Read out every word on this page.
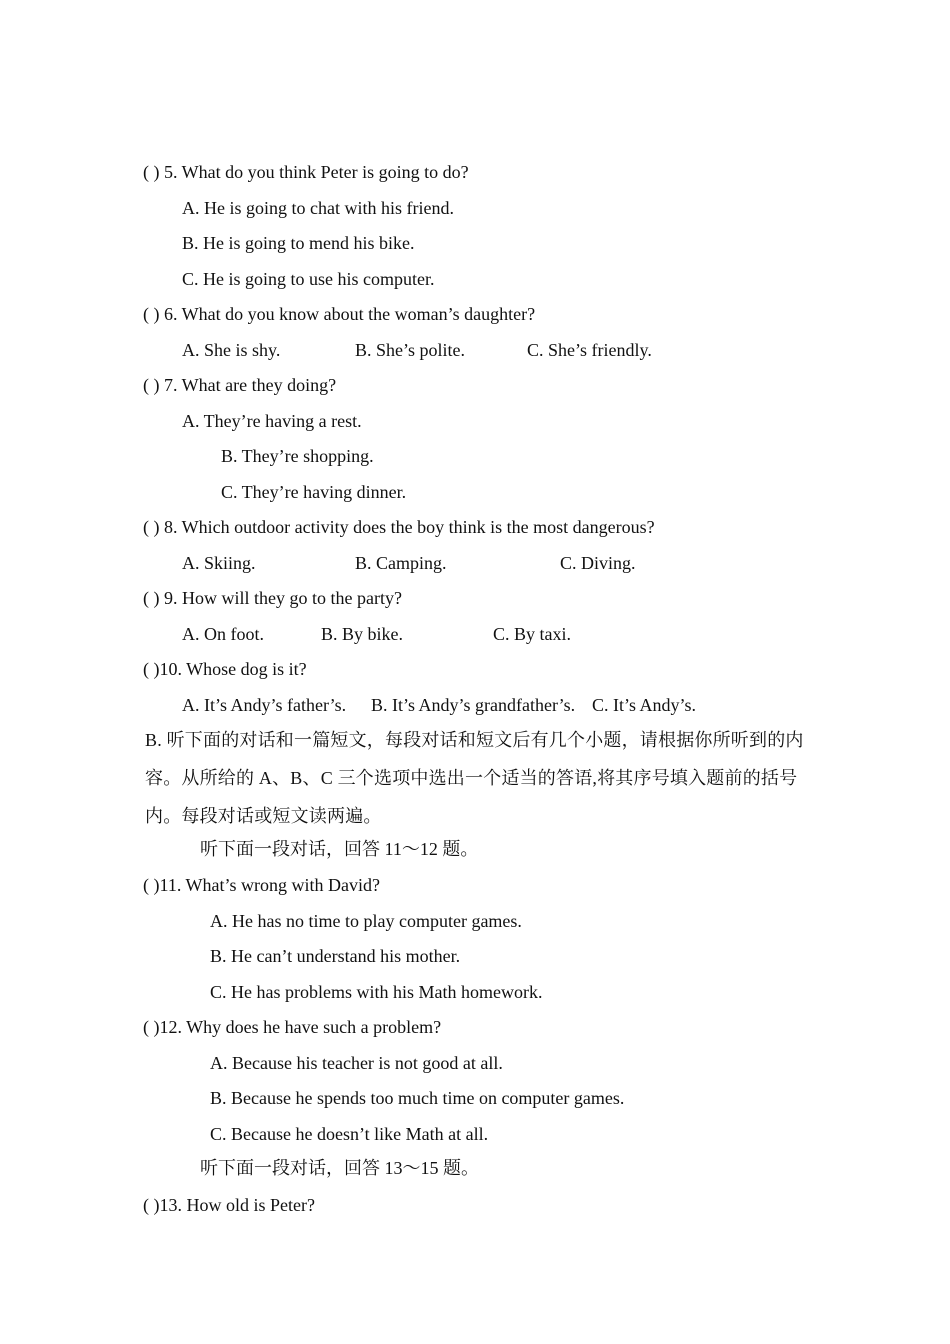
( ) 5. What do you think Peter is going to do?
A. He is going to chat with his friend.
B. He is going to mend his bike.
C. He is going to use his computer.
( ) 6. What do you know about the woman’s daughter?
A. She is shy.	B. She’s polite.	C. She’s friendly.
( ) 7. What are they doing?
A. They’re having a rest.
B. They’re shopping.
C. They’re having dinner.
( ) 8. Which outdoor activity does the boy think is the most dangerous?
A. Skiing.	B. Camping.	C. Diving.
( ) 9. How will they go to the party?
A. On foot.	B. By bike.	C. By taxi.
( )10. Whose dog is it?
A. It’s Andy’s father’s. B. It’s Andy’s grandfather’s. C. It’s Andy’s.
B. 听下面的对话和一篇短文，每段对话和短文后有几个小题，请根据你所听到的内容。从所给的 A、B、C 三个选项中选出一个适当的答语,将其序号填入题前的括号内。每段对话或短文读两遍。
听下面一段对话，回答 11～12 题。
( )11. What’s wrong with David?
A. He has no time to play computer games.
B. He can’t understand his mother.
C. He has problems with his Math homework.
( )12. Why does he have such a problem?
A. Because his teacher is not good at all.
B. Because he spends too much time on computer games.
C. Because he doesn’t like Math at all.
听下面一段对话，回答 13～15 题。
( )13. How old is Peter?
